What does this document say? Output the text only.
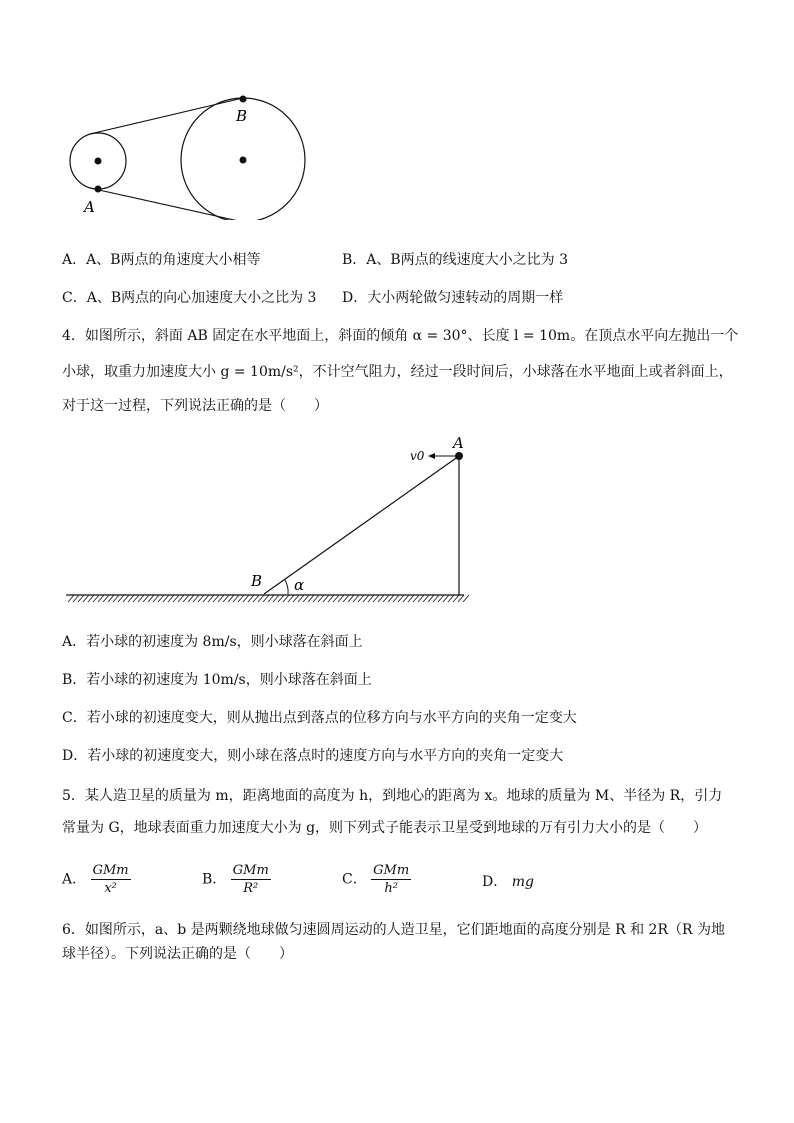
A
B
A．A、B两点的角速度大小相等	B．A、B两点的线速度大小之比为 3
C．A、B两点的向心加速度大小之比为 3 D．大小两轮做匀速转动的周期一样
4．如图所示，斜面 AB 固定在水平地面上，斜面的倾角 α = 30°、长度 l = 10m。在顶点水平向左抛出一个
小球，取重力加速度大小 g = 10m/s²，不计空气阻力，经过一段时间后，小球落在水平地面上或者斜面上，
对于这一过程，下列说法正确的是（　　）
A
B
v0
α
A．若小球的初速度为 8m/s，则小球落在斜面上
B．若小球的初速度为 10m/s，则小球落在斜面上
C．若小球的初速度变大，则从抛出点到落点的位移方向与水平方向的夹角一定变大
D．若小球的初速度变大，则小球在落点时的速度方向与水平方向的夹角一定变大
5．某人造卫星的质量为 m，距离地面的高度为 h，到地心的距离为 x。地球的质量为 M、半径为 R，引力
常量为 G，地球表面重力加速度大小为 g，则下列式子能表示卫星受到地球的万有引力大小的是（　　）
A． $\frac{\text{GMm}}{\text{x²}}$	B． $\frac{\text{GMm}}{\text{R²}}$	C． $\frac{\text{GMm}}{\text{h²}}$	D． mg
6．如图所示，a、b 是两颗绕地球做匀速圆周运动的人造卫星，它们距地面的高度分别是 R 和 2R（R 为地
球半径）。下列说法正确的是（　　）
